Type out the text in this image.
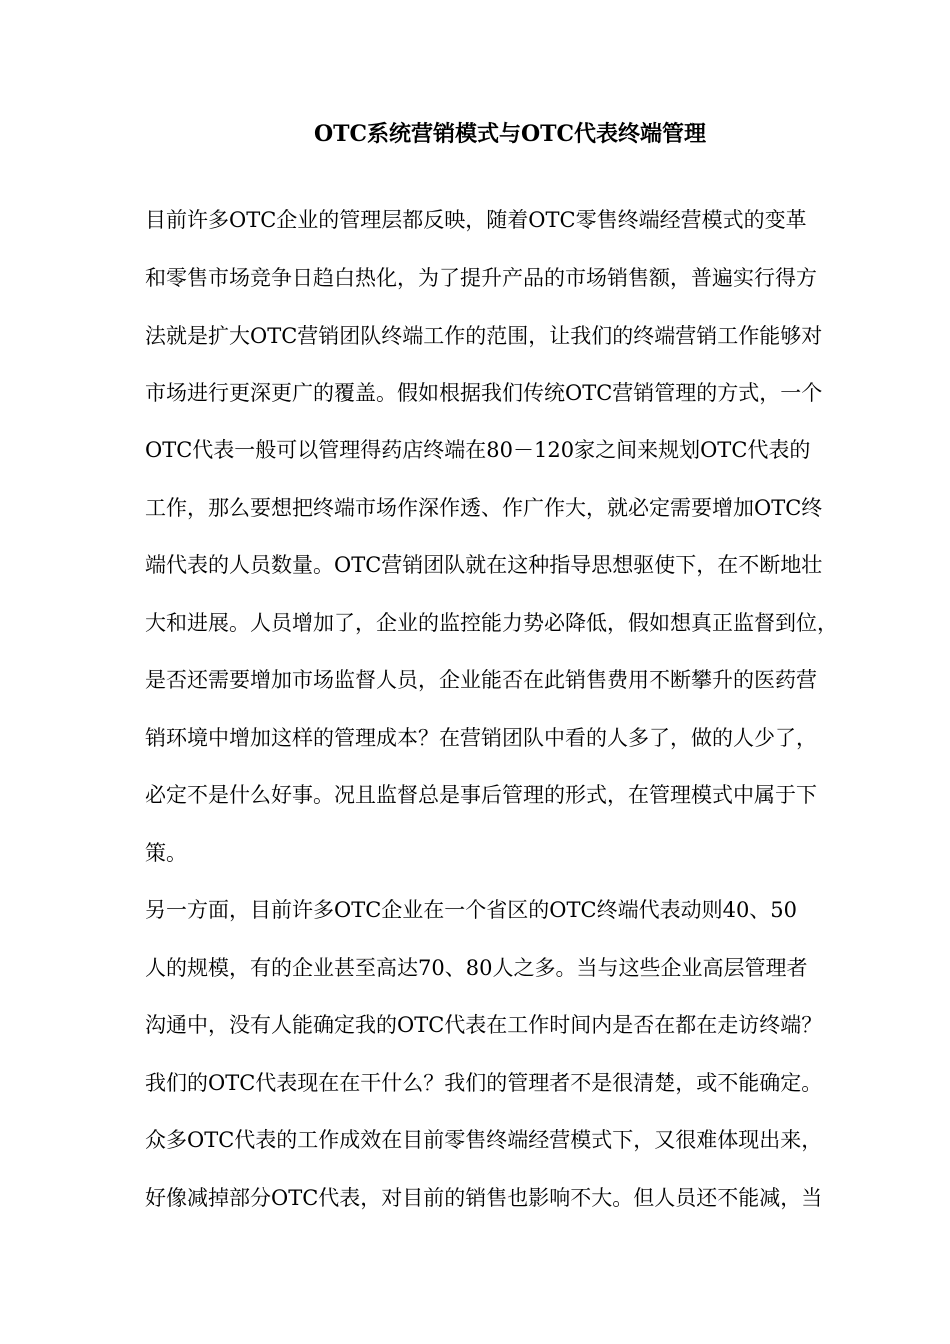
OTC系统营销模式与OTC代表终端管理
目前许多OTC企业的管理层都反映，随着OTC零售终端经营模式的变革
和零售市场竞争日趋白热化，为了提升产品的市场销售额，普遍实行得方
法就是扩大OTC营销团队终端工作的范围，让我们的终端营销工作能够对
市场进行更深更广的覆盖。假如根据我们传统OTC营销管理的方式，一个
OTC代表一般可以管理得药店终端在80－120家之间来规划OTC代表的
工作，那么要想把终端市场作深作透、作广作大，就必定需要增加OTC终
端代表的人员数量。OTC营销团队就在这种指导思想驱使下，在不断地壮
大和进展。人员增加了，企业的监控能力势必降低，假如想真正监督到位，
是否还需要增加市场监督人员，企业能否在此销售费用不断攀升的医药营
销环境中增加这样的管理成本？在营销团队中看的人多了，做的人少了，
必定不是什么好事。况且监督总是事后管理的形式，在管理模式中属于下
策。
另一方面，目前许多OTC企业在一个省区的OTC终端代表动则40、50
人的规模，有的企业甚至高达70、80人之多。当与这些企业高层管理者
沟通中，没有人能确定我的OTC代表在工作时间内是否在都在走访终端？
我们的OTC代表现在在干什么？我们的管理者不是很清楚，或不能确定。
众多OTC代表的工作成效在目前零售终端经营模式下，又很难体现出来，
好像减掉部分OTC代表，对目前的销售也影响不大。但人员还不能减，当
